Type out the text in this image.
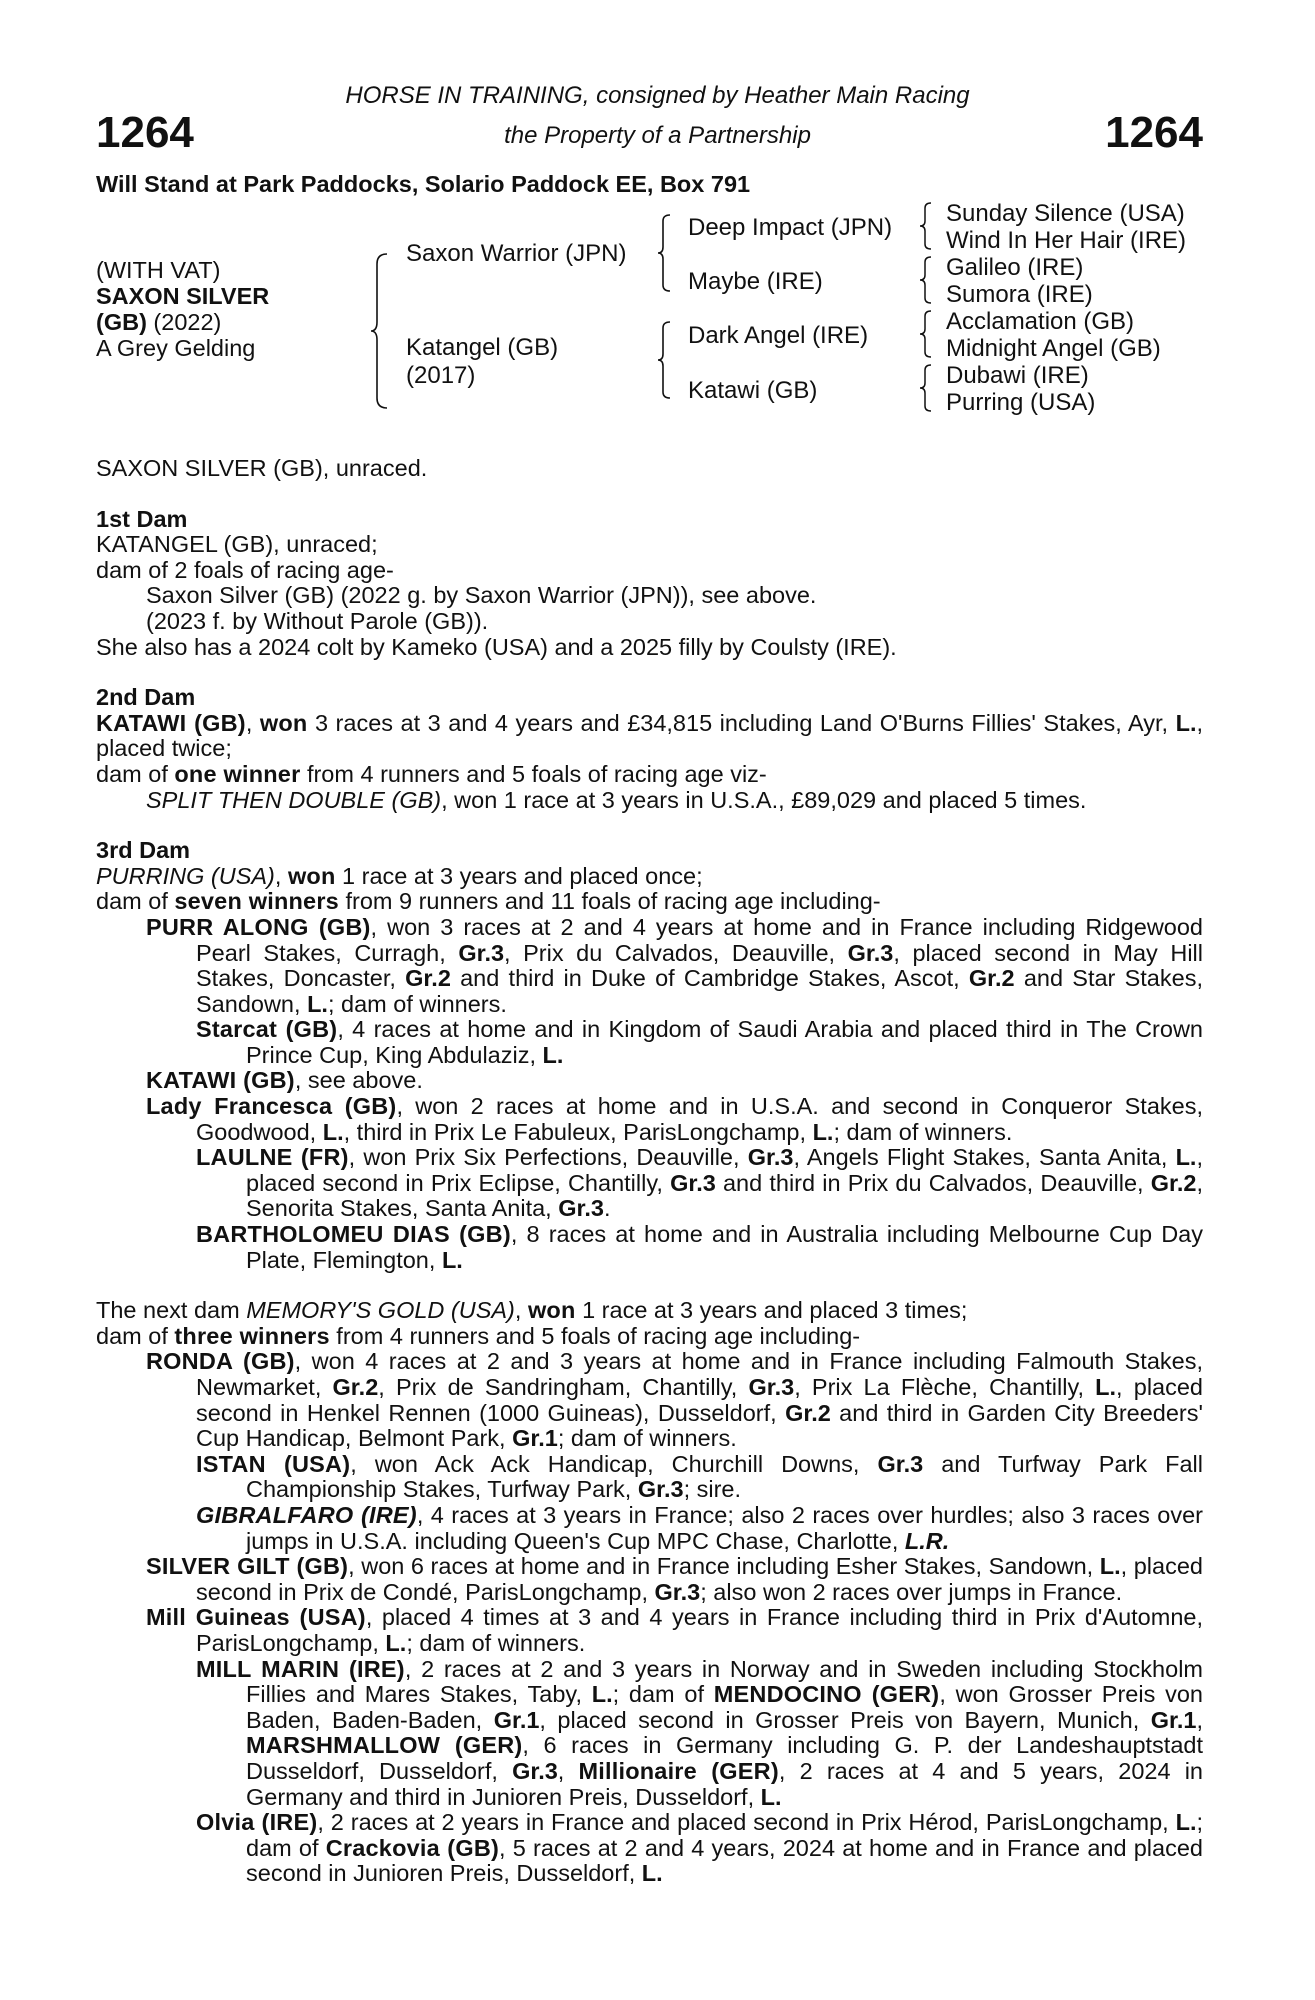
1264	1264
HORSE IN TRAINING, consigned by Heather Main Racing
the Property of a Partnership
Will Stand at Park Paddocks, Solario Paddock EE, Box 791
(WITH VAT)
SAXON SILVER
(GB) (2022)
A Grey Gelding
Saxon Warrior (JPN)
Katangel (GB)
(2017)
Deep Impact (JPN)
Maybe (IRE)
Dark Angel (IRE)
Katawi (GB)
Sunday Silence (USA)
Wind In Her Hair (IRE)
Galileo (IRE)
Sumora (IRE)
Acclamation (GB)
Midnight Angel (GB)
Dubawi (IRE)
Purring (USA)
SAXON SILVER (GB), unraced.
1st Dam
KATANGEL (GB), unraced;
dam of 2 foals of racing age-
Saxon Silver (GB) (2022 g. by Saxon Warrior (JPN)), see above.
(2023 f. by Without Parole (GB)).
She also has a 2024 colt by Kameko (USA) and a 2025 filly by Coulsty (IRE).
2nd Dam
KATAWI (GB), won 3 races at 3 and 4 years and £34,815 including Land O'Burns Fillies' Stakes, Ayr, L., placed twice;
dam of one winner from 4 runners and 5 foals of racing age viz-
SPLIT THEN DOUBLE (GB), won 1 race at 3 years in U.S.A., £89,029 and placed 5 times.
3rd Dam
PURRING (USA), won 1 race at 3 years and placed once;
dam of seven winners from 9 runners and 11 foals of racing age including-
PURR ALONG (GB), won 3 races at 2 and 4 years at home and in France including Ridgewood Pearl Stakes, Curragh, Gr.3, Prix du Calvados, Deauville, Gr.3, placed second in May Hill Stakes, Doncaster, Gr.2 and third in Duke of Cambridge Stakes, Ascot, Gr.2 and Star Stakes, Sandown, L.; dam of winners.
Starcat (GB), 4 races at home and in Kingdom of Saudi Arabia and placed third in The Crown Prince Cup, King Abdulaziz, L.
KATAWI (GB), see above.
Lady Francesca (GB), won 2 races at home and in U.S.A. and second in Conqueror Stakes, Goodwood, L., third in Prix Le Fabuleux, ParisLongchamp, L.; dam of winners.
LAULNE (FR), won Prix Six Perfections, Deauville, Gr.3, Angels Flight Stakes, Santa Anita, L., placed second in Prix Eclipse, Chantilly, Gr.3 and third in Prix du Calvados, Deauville, Gr.2, Senorita Stakes, Santa Anita, Gr.3.
BARTHOLOMEU DIAS (GB), 8 races at home and in Australia including Melbourne Cup Day Plate, Flemington, L.
The next dam MEMORY'S GOLD (USA), won 1 race at 3 years and placed 3 times;
dam of three winners from 4 runners and 5 foals of racing age including-
RONDA (GB), won 4 races at 2 and 3 years at home and in France including Falmouth Stakes, Newmarket, Gr.2, Prix de Sandringham, Chantilly, Gr.3, Prix La Flèche, Chantilly, L., placed second in Henkel Rennen (1000 Guineas), Dusseldorf, Gr.2 and third in Garden City Breeders' Cup Handicap, Belmont Park, Gr.1; dam of winners.
ISTAN (USA), won Ack Ack Handicap, Churchill Downs, Gr.3 and Turfway Park Fall Championship Stakes, Turfway Park, Gr.3; sire.
GIBRALFARO (IRE), 4 races at 3 years in France; also 2 races over hurdles; also 3 races over jumps in U.S.A. including Queen's Cup MPC Chase, Charlotte, L.R.
SILVER GILT (GB), won 6 races at home and in France including Esher Stakes, Sandown, L., placed second in Prix de Condé, ParisLongchamp, Gr.3; also won 2 races over jumps in France.
Mill Guineas (USA), placed 4 times at 3 and 4 years in France including third in Prix d'Automne, ParisLongchamp, L.; dam of winners.
MILL MARIN (IRE), 2 races at 2 and 3 years in Norway and in Sweden including Stockholm Fillies and Mares Stakes, Taby, L.; dam of MENDOCINO (GER), won Grosser Preis von Baden, Baden-Baden, Gr.1, placed second in Grosser Preis von Bayern, Munich, Gr.1, MARSHMALLOW (GER), 6 races in Germany including G. P. der Landeshauptstadt Dusseldorf, Dusseldorf, Gr.3, Millionaire (GER), 2 races at 4 and 5 years, 2024 in Germany and third in Junioren Preis, Dusseldorf, L.
Olvia (IRE), 2 races at 2 years in France and placed second in Prix Hérod, ParisLongchamp, L.; dam of Crackovia (GB), 5 races at 2 and 4 years, 2024 at home and in France and placed second in Junioren Preis, Dusseldorf, L.
